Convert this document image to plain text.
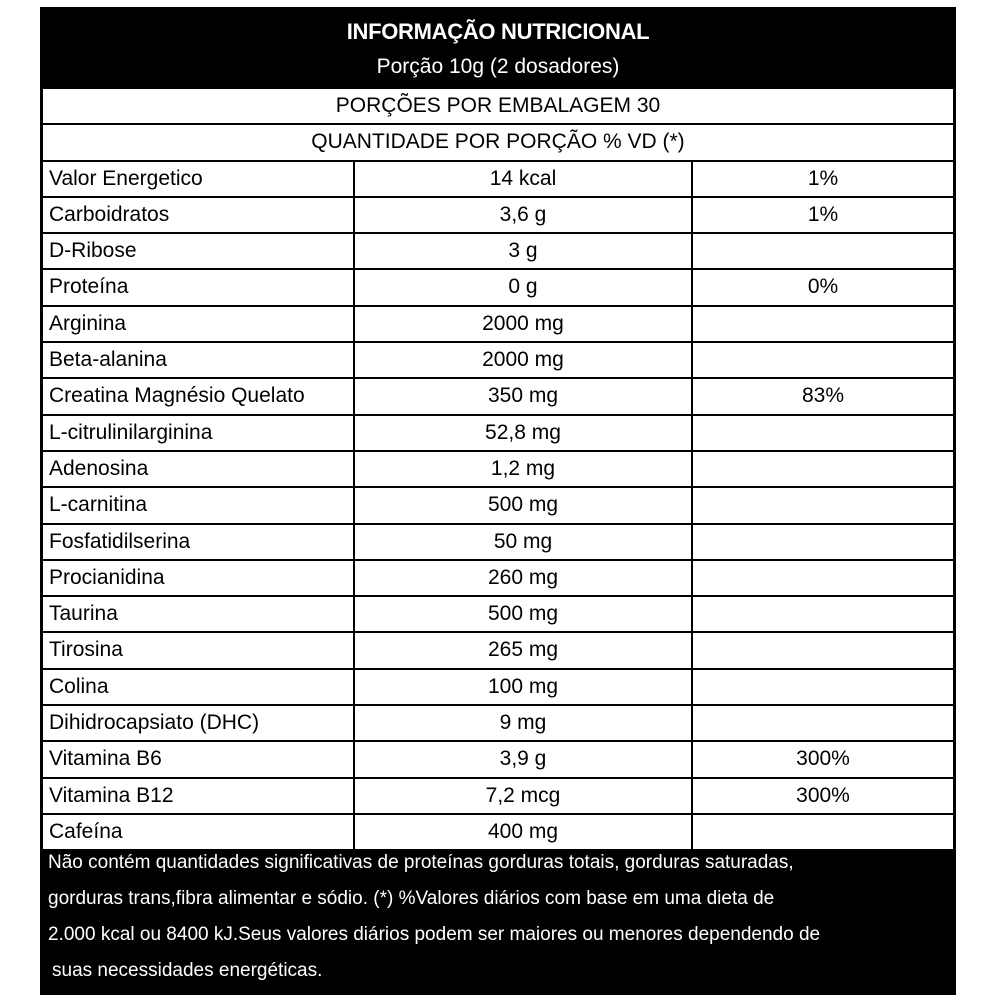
INFORMAÇÃO NUTRICIONAL
Porção 10g (2 dosadores)
PORÇÕES POR EMBALAGEM 30
QUANTIDADE POR PORÇÃO % VD (*)
Valor Energetico	14 kcal	1%
Carboidratos	3,6 g	1%
D-Ribose	3 g
Proteína	0 g	0%
Arginina	2000 mg
Beta-alanina	2000 mg
Creatina Magnésio Quelato	350 mg	83%
L-citrulinilarginina	52,8 mg
Adenosina	1,2 mg
L-carnitina	500 mg
Fosfatidilserina	50 mg
Procianidina	260 mg
Taurina	500 mg
Tirosina	265 mg
Colina	100 mg
Dihidrocapsiato (DHC)	9 mg
Vitamina B6	3,9 g	300%
Vitamina B12	7,2 mcg	300%
Cafeína	400 mg
Não contém quantidades significativas de proteínas gorduras totais, gorduras saturadas,
gorduras trans,fibra alimentar e sódio. (*) %Valores diários com base em uma dieta de
2.000 kcal ou 8400 kJ.Seus valores diários podem ser maiores ou menores dependendo de
suas necessidades energéticas.
